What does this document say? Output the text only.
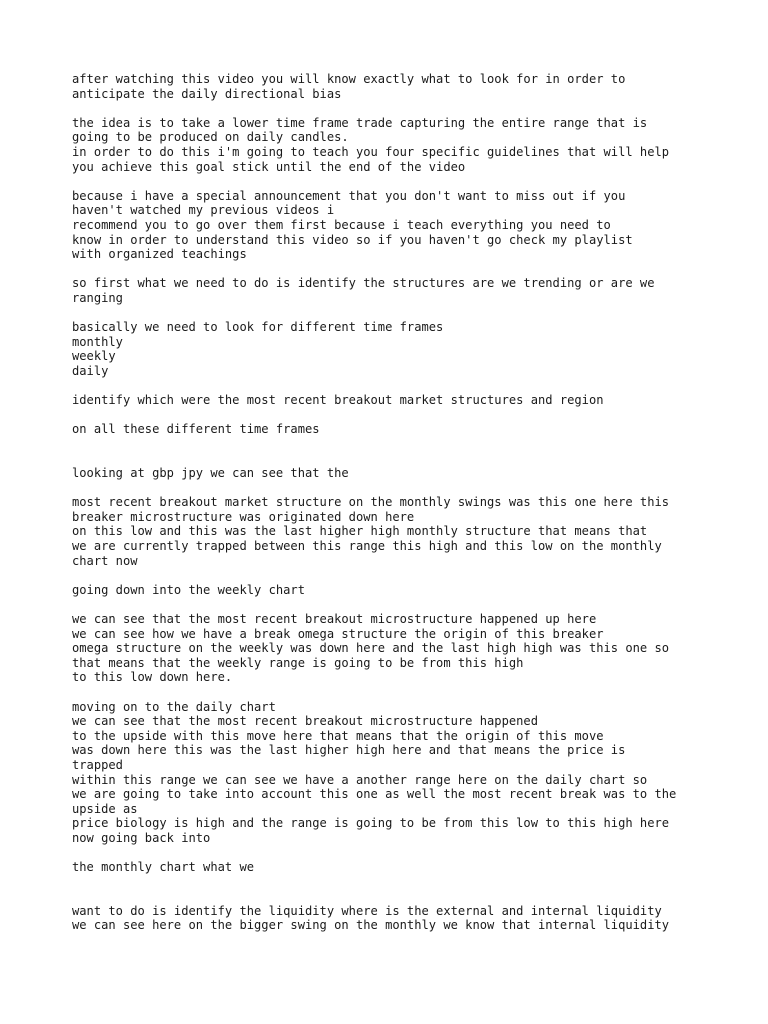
after watching this video you will know exactly what to look for in order to
anticipate the daily directional bias
the idea is to take a lower time frame trade capturing the entire range that is
going to be produced on daily candles.
in order to do this i'm going to teach you four specific guidelines that will help
you achieve this goal stick until the end of the video
because i have a special announcement that you don't want to miss out if you
haven't watched my previous videos i
recommend you to go over them first because i teach everything you need to
know in order to understand this video so if you haven't go check my playlist
with organized teachings
so first what we need to do is identify the structures are we trending or are we
ranging
basically we need to look for different time frames
monthly
weekly
daily
identify which were the most recent breakout market structures and region
on all these different time frames
looking at gbp jpy we can see that the
most recent breakout market structure on the monthly swings was this one here this
breaker microstructure was originated down here
on this low and this was the last higher high monthly structure that means that
we are currently trapped between this range this high and this low on the monthly
chart now
going down into the weekly chart
we can see that the most recent breakout microstructure happened up here
we can see how we have a break omega structure the origin of this breaker
omega structure on the weekly was down here and the last high high was this one so
that means that the weekly range is going to be from this high
to this low down here.
moving on to the daily chart
we can see that the most recent breakout microstructure happened
to the upside with this move here that means that the origin of this move
was down here this was the last higher high here and that means the price is
trapped
within this range we can see we have a another range here on the daily chart so
we are going to take into account this one as well the most recent break was to the
upside as
price biology is high and the range is going to be from this low to this high here
now going back into
the monthly chart what we
want to do is identify the liquidity where is the external and internal liquidity
we can see here on the bigger swing on the monthly we know that internal liquidity
